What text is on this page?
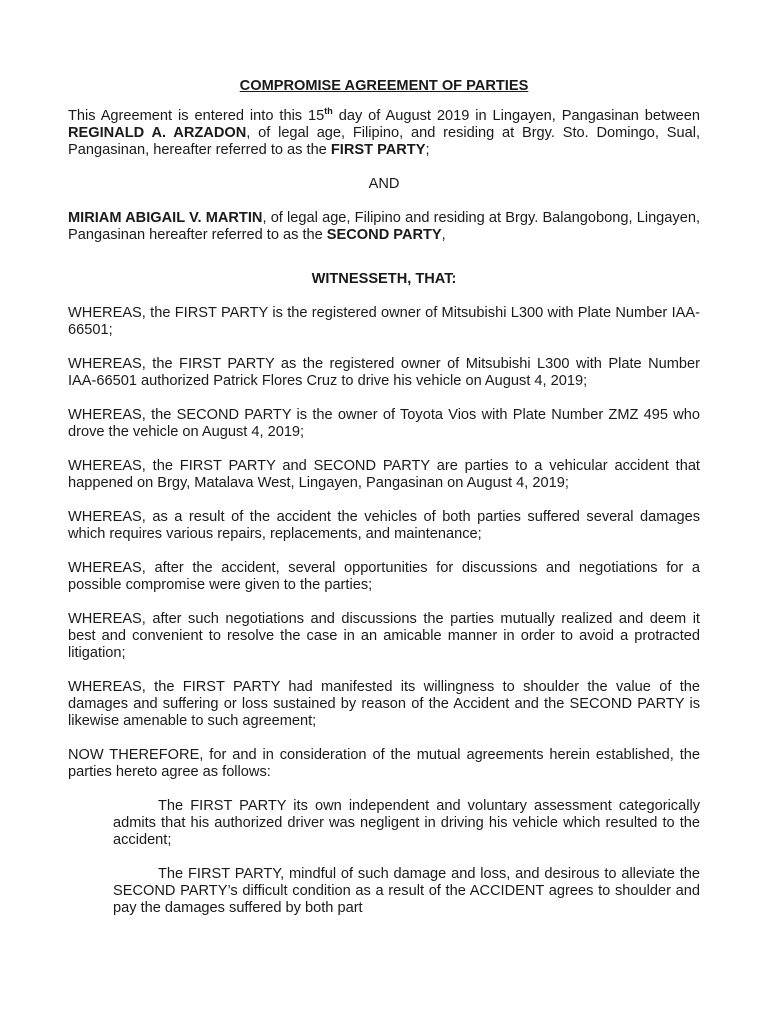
COMPROMISE AGREEMENT OF PARTIES
This Agreement is entered into this 15th day of August 2019 in Lingayen, Pangasinan between REGINALD A. ARZADON, of legal age, Filipino, and residing at Brgy. Sto. Domingo, Sual, Pangasinan, hereafter referred to as the FIRST PARTY;
AND
MIRIAM ABIGAIL V. MARTIN, of legal age, Filipino and residing at Brgy. Balangobong, Lingayen, Pangasinan hereafter referred to as the SECOND PARTY,
WITNESSETH, THAT:
WHEREAS, the FIRST PARTY is the registered owner of Mitsubishi L300 with Plate Number IAA-66501;
WHEREAS, the FIRST PARTY as the registered owner of Mitsubishi L300 with Plate Number IAA-66501 authorized Patrick Flores Cruz to drive his vehicle on August 4, 2019;
WHEREAS, the SECOND PARTY is the owner of Toyota Vios with Plate Number ZMZ 495 who drove the vehicle on August 4, 2019;
WHEREAS, the FIRST PARTY and SECOND PARTY are parties to a vehicular accident that happened on Brgy, Matalava West, Lingayen, Pangasinan on August 4, 2019;
WHEREAS, as a result of the accident the vehicles of both parties suffered several damages which requires various repairs, replacements, and maintenance;
WHEREAS, after the accident, several opportunities for discussions and negotiations for a possible compromise were given to the parties;
WHEREAS, after such negotiations and discussions the parties mutually realized and deem it best and convenient to resolve the case in an amicable manner in order to avoid a protracted litigation;
WHEREAS, the FIRST PARTY had manifested its willingness to shoulder the value of the damages and suffering or loss sustained by reason of the Accident and the SECOND PARTY is likewise amenable to such agreement;
NOW THEREFORE, for and in consideration of the mutual agreements herein established, the parties hereto agree as follows:
The FIRST PARTY its own independent and voluntary assessment categorically admits that his authorized driver was negligent in driving his vehicle which resulted to the accident;
The FIRST PARTY, mindful of such damage and loss, and desirous to alleviate the SECOND PARTY’s difficult condition as a result of the ACCIDENT agrees to shoulder and pay the damages suffered by both part
